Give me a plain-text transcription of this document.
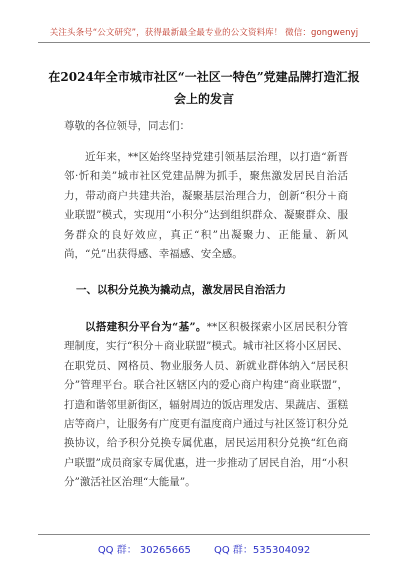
关注头条号“公文研究”，获得最新最全最专业的公文资料库！ 微信：gongwenyj
在2024年全市城市社区“一社区一特色”党建品牌打造汇报会上的发言
尊敬的各位领导，同志们：
近年来，**区始终坚持党建引领基层治理，以打造“新晋邻·忻和美”城市社区党建品牌为抓手，聚焦激发居民自治活力，带动商户共建共治，凝聚基层治理合力，创新“积分＋商业联盟”模式，实现用“小积分”达到组织群众、凝聚群众、服务群众的良好效应，真正“积”出凝聚力、正能量、新风尚，“兑”出获得感、幸福感、安全感。
一、以积分兑换为撬动点，激发居民自治活力
以搭建积分平台为“基”。**区积极探索小区居民积分管理制度，实行“积分＋商业联盟”模式。城市社区将小区居民、在职党员、网格员、物业服务人员、新就业群体纳入“居民积分”管理平台。联合社区辖区内的爱心商户构建“商业联盟”，打造和谐邻里新街区，辐射周边的饭店理发店、果蔬店、蛋糕店等商户，让服务有广度更有温度商户通过与社区签订积分兑换协议，给予积分兑换专属优惠，居民运用积分兑换“红色商户联盟”成员商家专属优惠，进一步推动了居民自治，用“小积分”激活社区治理“大能量”。
QQ 群： 30265665 QQ 群：535304092
